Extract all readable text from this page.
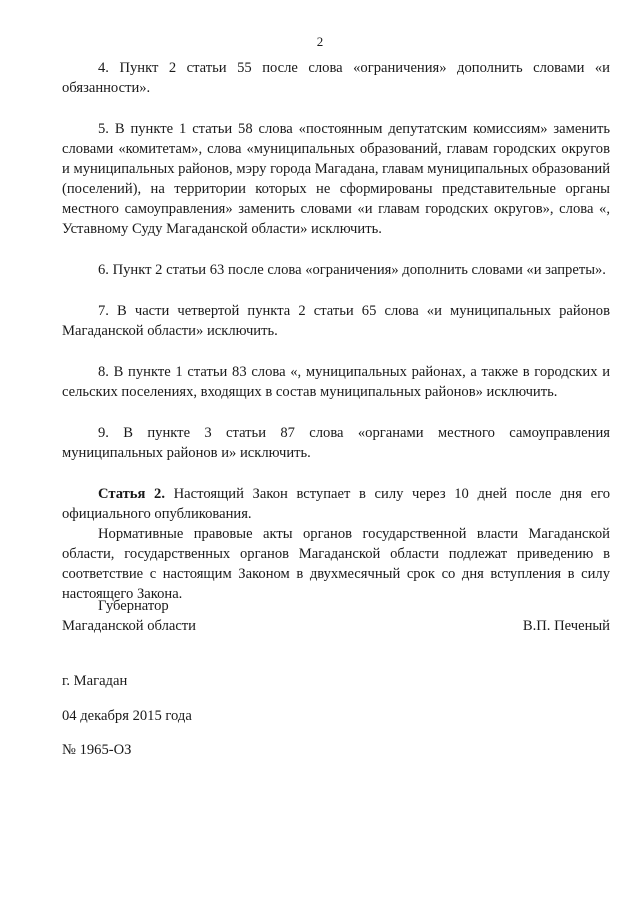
2

4. Пункт 2 статьи 55 после слова «ограничения» дополнить словами «и обязанности».

5. В пункте 1 статьи 58 слова «постоянным депутатским комиссиям» заменить словами «комитетам», слова «муниципальных образований, главам городских округов и муниципальных районов, мэру города Магадана, главам муниципальных образований (поселений), на территории которых не сформированы представительные органы местного самоуправления» заменить словами «и главам городских округов», слова «, Уставному Суду Магаданской области» исключить.

6. Пункт 2 статьи 63 после слова «ограничения» дополнить словами «и запреты».

7. В части четвертой пункта 2 статьи 65 слова «и муниципальных районов Магаданской области» исключить.

8. В пункте 1 статьи 83 слова «, муниципальных районах, а также в городских и сельских поселениях, входящих в состав муниципальных районов» исключить.

9. В пункте 3 статьи 87 слова «органами местного самоуправления муниципальных районов и» исключить.

Статья 2. Настоящий Закон вступает в силу через 10 дней после дня его официального опубликования.

Нормативные правовые акты органов государственной власти Магаданской области, государственных органов Магаданской области подлежат приведению в соответствие с настоящим Законом в двухмесячный срок со дня вступления в силу настоящего Закона.

Губернатор
Магаданской области	В.П. Печеный
г. Магадан
04 декабря 2015 года
№ 1965-ОЗ
